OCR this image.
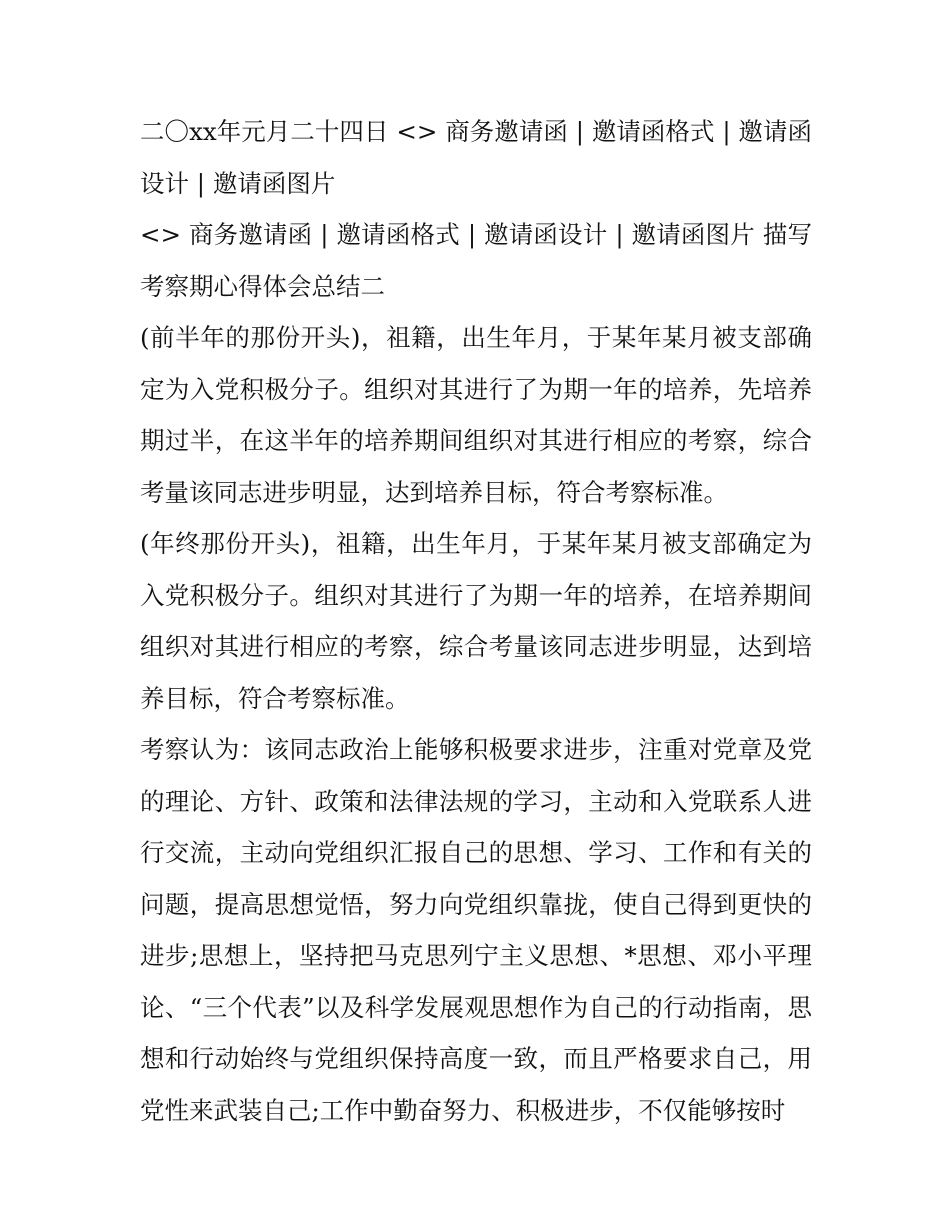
二〇xx年元月二十四日 <> 商务邀请函 | 邀请函格式 | 邀请函设计 | 邀请函图片

<> 商务邀请函 | 邀请函格式 | 邀请函设计 | 邀请函图片 描写考察期心得体会总结二

(前半年的那份开头)，祖籍，出生年月，于某年某月被支部确定为入党积极分子。组织对其进行了为期一年的培养，先培养期过半，在这半年的培养期间组织对其进行相应的考察，综合考量该同志进步明显，达到培养目标，符合考察标准。

(年终那份开头)，祖籍，出生年月，于某年某月被支部确定为入党积极分子。组织对其进行了为期一年的培养，在培养期间组织对其进行相应的考察，综合考量该同志进步明显，达到培养目标，符合考察标准。

考察认为：该同志政治上能够积极要求进步，注重对党章及党的理论、方针、政策和法律法规的学习，主动和入党联系人进行交流，主动向党组织汇报自己的思想、学习、工作和有关的问题，提高思想觉悟，努力向党组织靠拢，使自己得到更快的进步;思想上，坚持把马克思列宁主义思想、*思想、邓小平理论、“三个代表”以及科学发展观思想作为自己的行动指南，思想和行动始终与党组织保持高度一致，而且严格要求自己，用党性来武装自己;工作中勤奋努力、积极进步，不仅能够按时
